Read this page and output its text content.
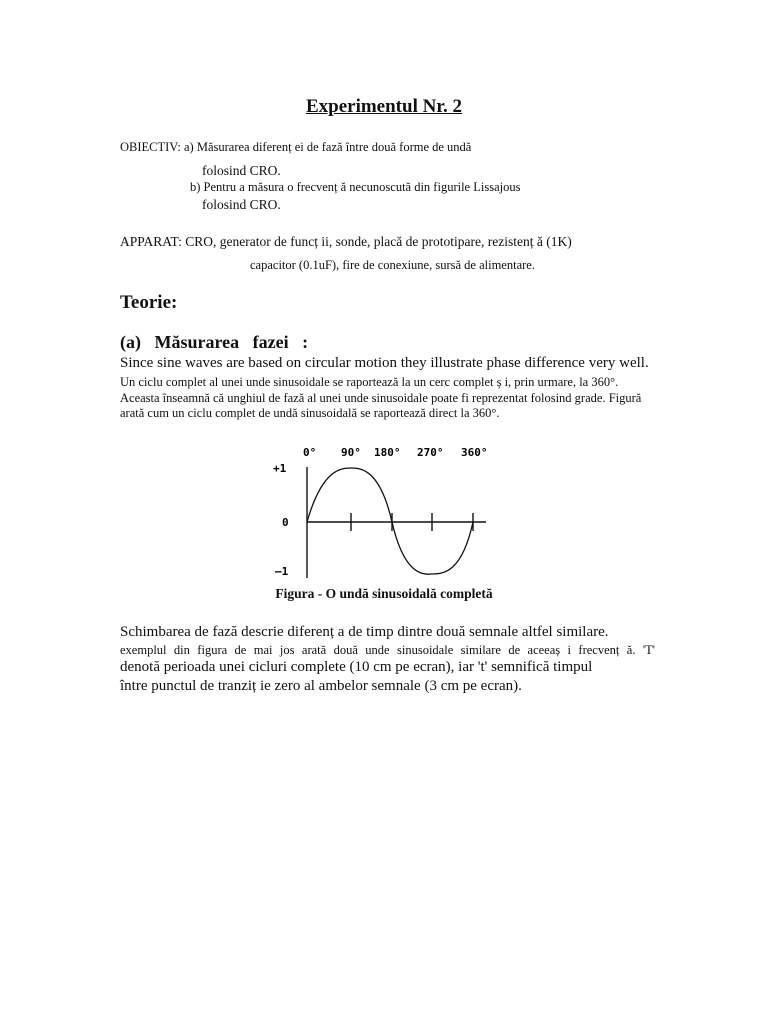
Experimentul Nr. 2

OBIECTIV: a) Măsurarea diferenț ei de fază între două forme de undă

folosind CRO.

b) Pentru a măsura o frecvenț ă necunoscută din figurile Lissajous

folosind CRO.

APPARAT: CRO, generator de funcț ii, sonde, placă de prototipare, rezistenț ă (1K)

capacitor (0.1uF), fire de conexiune, sursă de alimentare.

Teorie:
(a)   Măsurarea   fazei   :

Since sine waves are based on circular motion they illustrate phase difference very well.

Un ciclu complet al unei unde sinusoidale se raportează la un cerc complet ș i, prin urmare, la 360°.

Aceasta înseamnă că unghiul de fază al unei unde sinusoidale poate fi reprezentat folosind grade. Figură

arată cum un ciclu complet de undă sinusoidală se raportează direct la 360°.

0° 90° 180° 270° 360°
+1
0
–1

Figura - O undă sinusoidală completă

Schimbarea de fază descrie diferenț a de timp dintre două semnale altfel similare.

exemplul din figura de mai jos arată două unde sinusoidale similare de aceeaș i frecvenț ă. 'T'

denotă perioada unei cicluri complete (10 cm pe ecran), iar 't' semnifică timpul

între punctul de tranziț ie zero al ambelor semnale (3 cm pe ecran).
